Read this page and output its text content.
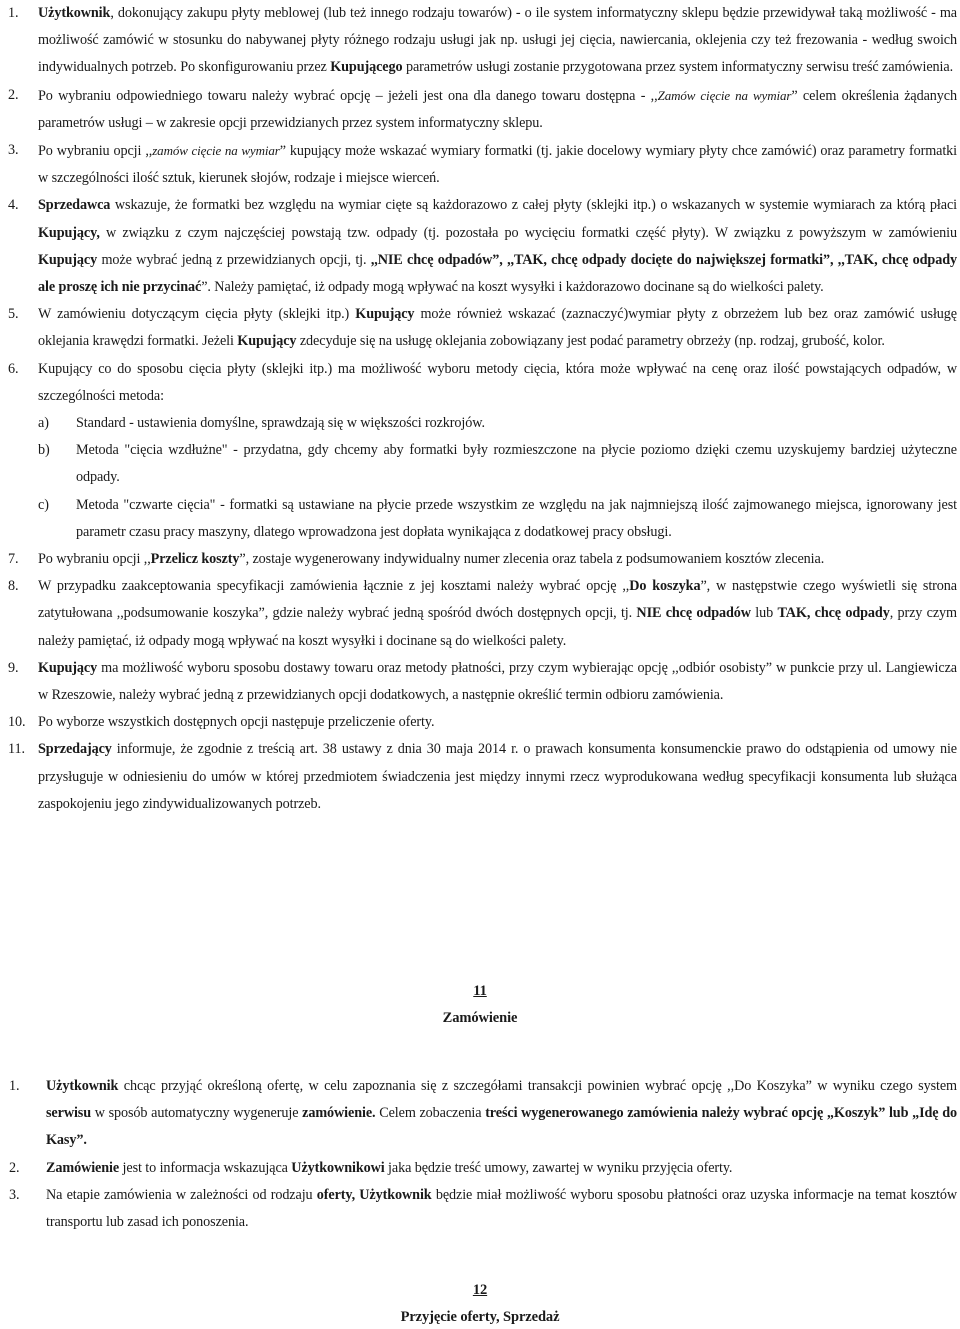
1. Użytkownik, dokonujący zakupu płyty meblowej (lub też innego rodzaju towarów) - o ile system informatyczny sklepu będzie przewidywał taką możliwość - ma możliwość zamówić w stosunku do nabywanej płyty różnego rodzaju usługi jak np. usługi jej cięcia, nawiercania, oklejenia czy też frezowania - według swoich indywidualnych potrzeb. Po skonfigurowaniu przez Kupującego parametrów usługi zostanie przygotowana przez system informatyczny serwisu treść zamówienia.
2. Po wybraniu odpowiedniego towaru należy wybrać opcję – jeżeli jest ona dla danego towaru dostępna - ,,Zamów cięcie na wymiar” celem określenia żądanych parametrów usługi – w zakresie opcji przewidzianych przez system informatyczny sklepu.
3. Po wybraniu opcji ,,zamów cięcie na wymiar” kupujący może wskazać wymiary formatki (tj. jakie docelowy wymiary płyty chce zamówić) oraz parametry formatki w szczególności ilość sztuk, kierunek słojów, rodzaje i miejsce wierceń.
4. Sprzedawca wskazuje, że formatki bez względu na wymiar cięte są każdorazowo z całej płyty (sklejki itp.) o wskazanych w systemie wymiarach za którą płaci Kupujący, w związku z czym najczęściej powstają tzw. odpady (tj. pozostała po wycięciu formatki część płyty). W związku z powyższym w zamówieniu Kupujący może wybrać jedną z przewidzianych opcji, tj. ,,NIE chcę odpadów”, ,,TAK, chcę odpady docięte do największej formatki”, ,,TAK, chcę odpady ale proszę ich nie przycinać”. Należy pamiętać, iż odpady mogą wpływać na koszt wysyłki i każdorazowo docinane są do wielkości palety.
5. W zamówieniu dotyczącym cięcia płyty (sklejki itp.) Kupujący może również wskazać (zaznaczyć)wymiar płyty z obrzeżem lub bez oraz zamówić usługę oklejania krawędzi formatki. Jeżeli Kupujący zdecyduje się na usługę oklejania zobowiązany jest podać parametry obrzeży (np. rodzaj, grubość, kolor.
6. Kupujący co do sposobu cięcia płyty (sklejki itp.) ma możliwość wyboru metody cięcia, która może wpływać na cenę oraz ilość powstających odpadów, w szczególności metoda:
a) Standard - ustawienia domyślne, sprawdzają się w większości rozkrojów.
b) Metoda "cięcia wzdłużne" - przydatna, gdy chcemy aby formatki były rozmieszczone na płycie poziomo dzięki czemu uzyskujemy bardziej użyteczne odpady.
c) Metoda "czwarte cięcia" - formatki są ustawiane na płycie przede wszystkim ze względu na jak najmniejszą ilość zajmowanego miejsca, ignorowany jest parametr czasu pracy maszyny, dlatego wprowadzona jest dopłata wynikająca z dodatkowej pracy obsługi.
7. Po wybraniu opcji ,,Przelicz koszty”, zostaje wygenerowany indywidualny numer zlecenia oraz tabela z podsumowaniem kosztów zlecenia.
8. W przypadku zaakceptowania specyfikacji zamówienia łącznie z jej kosztami należy wybrać opcję ,,Do koszyka”, w następstwie czego wyświetli się strona zatytułowana ,,podsumowanie koszyka”, gdzie należy wybrać jedną spośród dwóch dostępnych opcji, tj. NIE chcę odpadów lub TAK, chcę odpady, przy czym należy pamiętać, iż odpady mogą wpływać na koszt wysyłki i docinane są do wielkości palety.
9. Kupujący ma możliwość wyboru sposobu dostawy towaru oraz metody płatności, przy czym wybierając opcję ,,odbiór osobisty” w punkcie przy ul. Langiewicza w Rzeszowie, należy wybrać jedną z przewidzianych opcji dodatkowych, a następnie określić termin odbioru zamówienia.
10. Po wyborze wszystkich dostępnych opcji następuje przeliczenie oferty.
11. Sprzedający informuje, że zgodnie z treścią art. 38 ustawy z dnia 30 maja 2014 r. o prawach konsumenta konsumenckie prawo do odstąpienia od umowy nie przysługuje w odniesieniu do umów w której przedmiotem świadczenia jest między innymi rzecz wyprodukowana według specyfikacji konsumenta lub służąca zaspokojeniu jego zindywidualizowanych potrzeb.
11
Zamówienie
1. Użytkownik chcąc przyjąć określoną ofertę, w celu zapoznania się z szczegółami transakcji powinien wybrać opcję ,,Do Koszyka” w wyniku czego system serwisu w sposób automatyczny wygeneruje zamówienie. Celem zobaczenia treści wygenerowanego zamówienia należy wybrać opcję „Koszyk” lub „Idę do Kasy”.
2. Zamówienie jest to informacja wskazująca Użytkownikowi jaka będzie treść umowy, zawartej w wyniku przyjęcia oferty.
3. Na etapie zamówienia w zależności od rodzaju oferty, Użytkownik będzie miał możliwość wyboru sposobu płatności oraz uzyska informacje na temat kosztów transportu lub zasad ich ponoszenia.
12
Przyjęcie oferty, Sprzedaż
